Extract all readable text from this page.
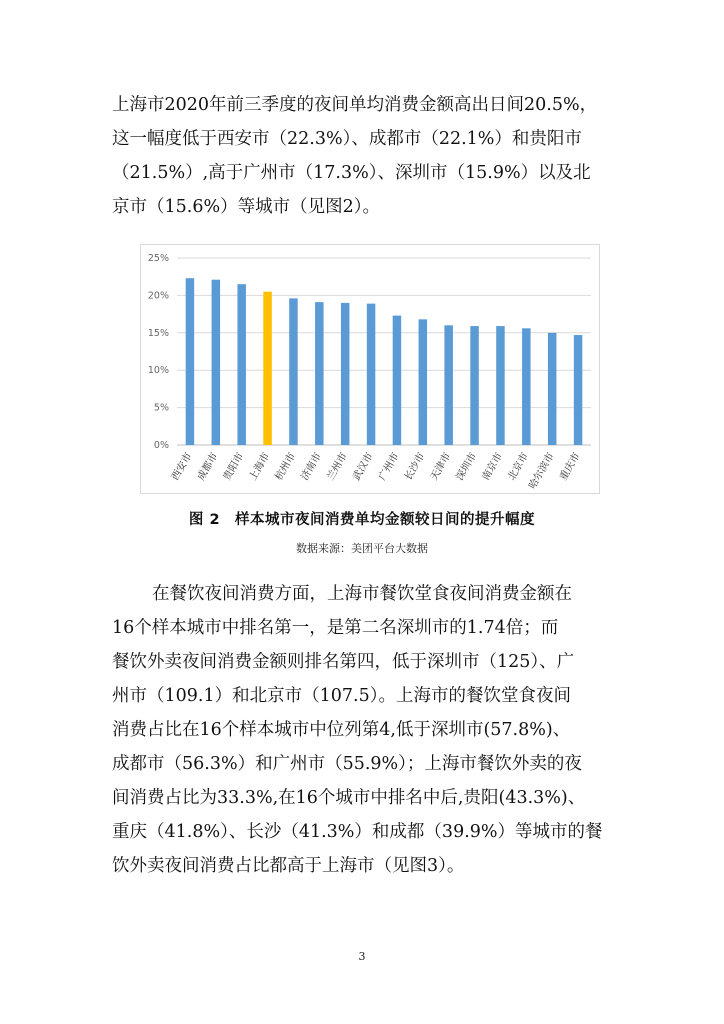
上海市2020年前三季度的夜间单均消费金额高出日间20.5%，
这一幅度低于西安市（22.3%）、成都市（22.1%）和贵阳市
（21.5%）,高于广州市（17.3%）、深圳市（15.9%）以及北
京市（15.6%）等城市（见图2）。
0%
5%
10%
15%
20%
25%
西安市 成都市 贵阳市 上海市 杭州市 济南市 兰州市 武汉市 广州市 长沙市 天津市 深圳市 南京市 北京市
哈尔滨市 重庆市
图 2　样本城市夜间消费单均金额较日间的提升幅度
数据来源：美团平台大数据
在餐饮夜间消费方面，上海市餐饮堂食夜间消费金额在
16个样本城市中排名第一，是第二名深圳市的1.74倍；而
餐饮外卖夜间消费金额则排名第四，低于深圳市（125）、广
州市（109.1）和北京市（107.5）。上海市的餐饮堂食夜间
消费占比在16个样本城市中位列第4,低于深圳市(57.8%)、
成都市（56.3%）和广州市（55.9%）；上海市餐饮外卖的夜
间消费占比为33.3%,在16个城市中排名中后,贵阳(43.3%)、
重庆（41.8%）、长沙（41.3%）和成都（39.9%）等城市的餐
饮外卖夜间消费占比都高于上海市（见图3）。
3
